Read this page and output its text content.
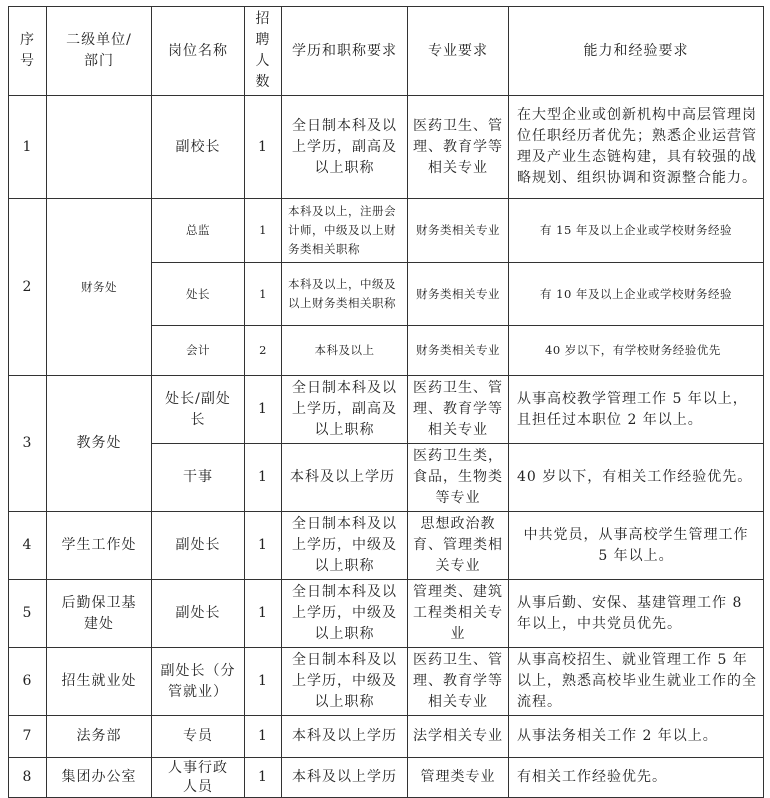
序号	二级单位/部门	岗位名称	招聘人数	学历和职称要求	专业要求	能力和经验要求
1		副校长	1	全日制本科及以上学历，副高及以上职称	医药卫生、管理、教育学等相关专业	在大型企业或创新机构中高层管理岗位任职经历者优先；熟悉企业运营管理及产业生态链构建，具有较强的战略规划、组织协调和资源整合能力。
2	财务处	总监	1	本科及以上，注册会计师，中级及以上财务类相关职称	财务类相关专业	有 15 年及以上企业或学校财务经验
		处长	1	本科及以上，中级及以上财务类相关职称	财务类相关专业	有 10 年及以上企业或学校财务经验
		会计	2	本科及以上	财务类相关专业	40 岁以下，有学校财务经验优先
3	教务处	处长/副处长	1	全日制本科及以上学历，副高及以上职称	医药卫生、管理、教育学等相关专业	从事高校教学管理工作 5 年以上，且担任过本职位 2 年以上。
		干事	1	本科及以上学历	医药卫生类，食品，生物类等专业	40 岁以下，有相关工作经验优先。
4	学生工作处	副处长	1	全日制本科及以上学历，中级及以上职称	思想政治教育、管理类相关专业	中共党员，从事高校学生管理工作 5 年以上。
5	后勤保卫基建处	副处长	1	全日制本科及以上学历，中级及以上职称	管理类、建筑工程类相关专业	从事后勤、安保、基建管理工作 8 年以上，中共党员优先。
6	招生就业处	副处长（分管就业）	1	全日制本科及以上学历，中级及以上职称	医药卫生、管理、教育学等相关专业	从事高校招生、就业管理工作 5 年以上，熟悉高校毕业生就业工作的全流程。
7	法务部	专员	1	本科及以上学历	法学相关专业	从事法务相关工作 2 年以上。
8	集团办公室	人事行政人员	1	本科及以上学历	管理类专业	有相关工作经验优先。
